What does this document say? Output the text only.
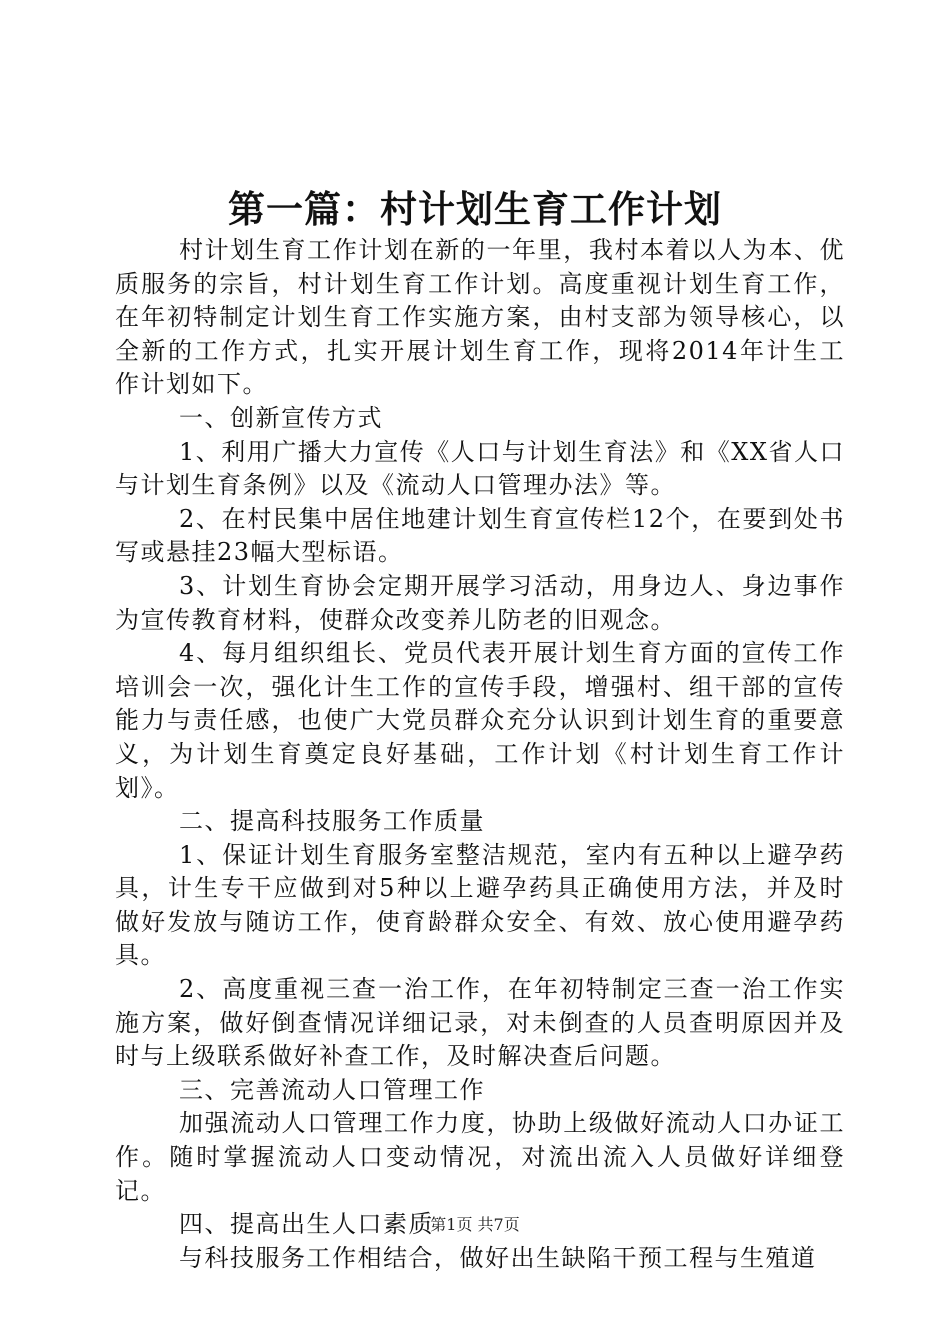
第一篇：村计划生育工作计划

村计划生育工作计划在新的一年里，我村本着以人为本、优质服务的宗旨，村计划生育工作计划。高度重视计划生育工作，在年初特制定计划生育工作实施方案，由村支部为领导核心，以全新的工作方式，扎实开展计划生育工作，现将2014年计生工作计划如下。

一、创新宣传方式

1、利用广播大力宣传《人口与计划生育法》和《XX省人口与计划生育条例》以及《流动人口管理办法》等。

2、在村民集中居住地建计划生育宣传栏12个，在要到处书写或悬挂23幅大型标语。

3、计划生育协会定期开展学习活动，用身边人、身边事作为宣传教育材料，使群众改变养儿防老的旧观念。

4、每月组织组长、党员代表开展计划生育方面的宣传工作培训会一次，强化计生工作的宣传手段，增强村、组干部的宣传能力与责任感，也使广大党员群众充分认识到计划生育的重要意义，为计划生育奠定良好基础，工作计划《村计划生育工作计划》。

二、提高科技服务工作质量

1、保证计划生育服务室整洁规范，室内有五种以上避孕药具，计生专干应做到对5种以上避孕药具正确使用方法，并及时做好发放与随访工作，使育龄群众安全、有效、放心使用避孕药具。

2、高度重视三查一治工作，在年初特制定三查一治工作实施方案，做好倒查情况详细记录，对未倒查的人员查明原因并及时与上级联系做好补查工作，及时解决查后问题。

三、完善流动人口管理工作

加强流动人口管理工作力度，协助上级做好流动人口办证工作。随时掌握流动人口变动情况，对流出流入人员做好详细登记。

四、提高出生人口素质

与科技服务工作相结合，做好出生缺陷干预工程与生殖道

第1页 共7页
